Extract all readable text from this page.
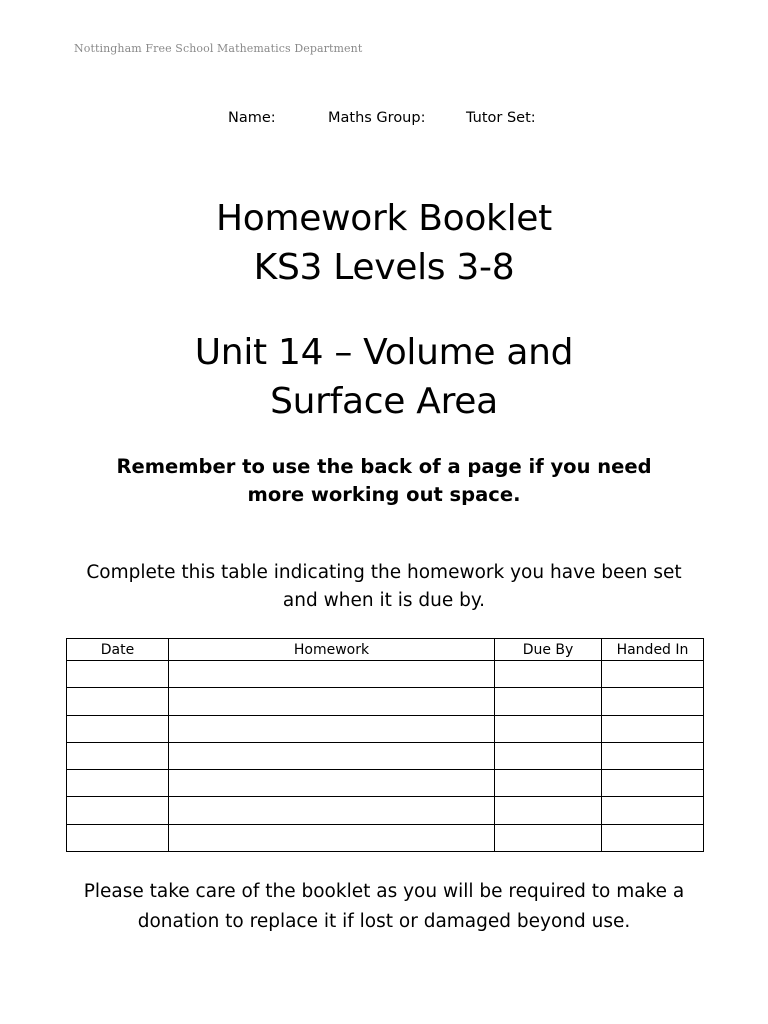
Nottingham Free School Mathematics Department
Name:	Maths Group:	Tutor Set:
Homework Booklet
KS3 Levels 3-8
Unit 14 – Volume and
Surface Area
Remember to use the back of a page if you need
more working out space.
Complete this table indicating the homework you have been set
and when it is due by.
Date	Homework	Due By	Handed In

Please take care of the booklet as you will be required to make a
donation to replace it if lost or damaged beyond use.
